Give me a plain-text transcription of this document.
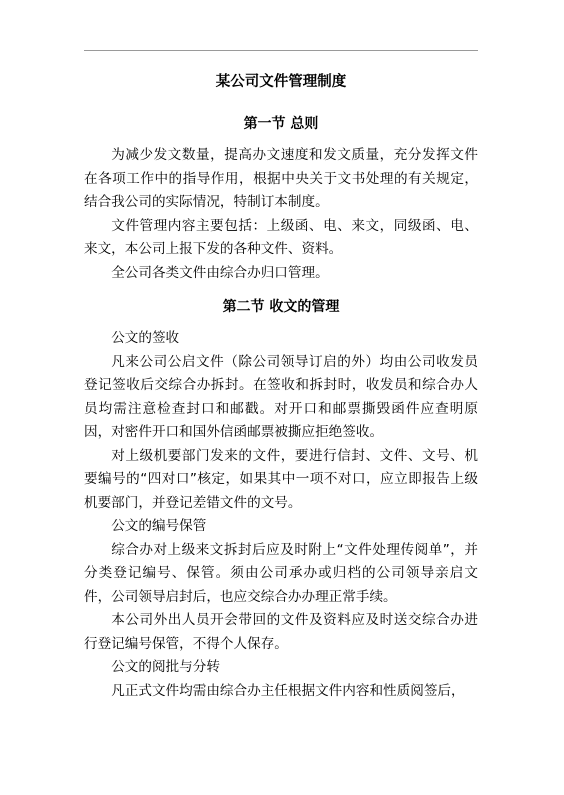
某公司文件管理制度
第一节 总则

为减少发文数量，提高办文速度和发文质量，充分发挥文件在各项工作中的指导作用，根据中央关于文书处理的有关规定，结合我公司的实际情况，特制订本制度。

文件管理内容主要包括：上级函、电、来文，同级函、电、来文，本公司上报下发的各种文件、资料。

全公司各类文件由综合办归口管理。

第二节 收文的管理

公文的签收

凡来公司公启文件（除公司领导订启的外）均由公司收发员登记签收后交综合办拆封。在签收和拆封时，收发员和综合办人员均需注意检查封口和邮戳。对开口和邮票撕毁函件应查明原因，对密件开口和国外信函邮票被撕应拒绝签收。

对上级机要部门发来的文件，要进行信封、文件、文号、机要编号的“四对口”核定，如果其中一项不对口，应立即报告上级机要部门，并登记差错文件的文号。

公文的编号保管

综合办对上级来文拆封后应及时附上“文件处理传阅单”，并分类登记编号、保管。须由公司承办或归档的公司领导亲启文件，公司领导启封后，也应交综合办办理正常手续。

本公司外出人员开会带回的文件及资料应及时送交综合办进行登记编号保管，不得个人保存。

公文的阅批与分转

凡正式文件均需由综合办主任根据文件内容和性质阅签后，
